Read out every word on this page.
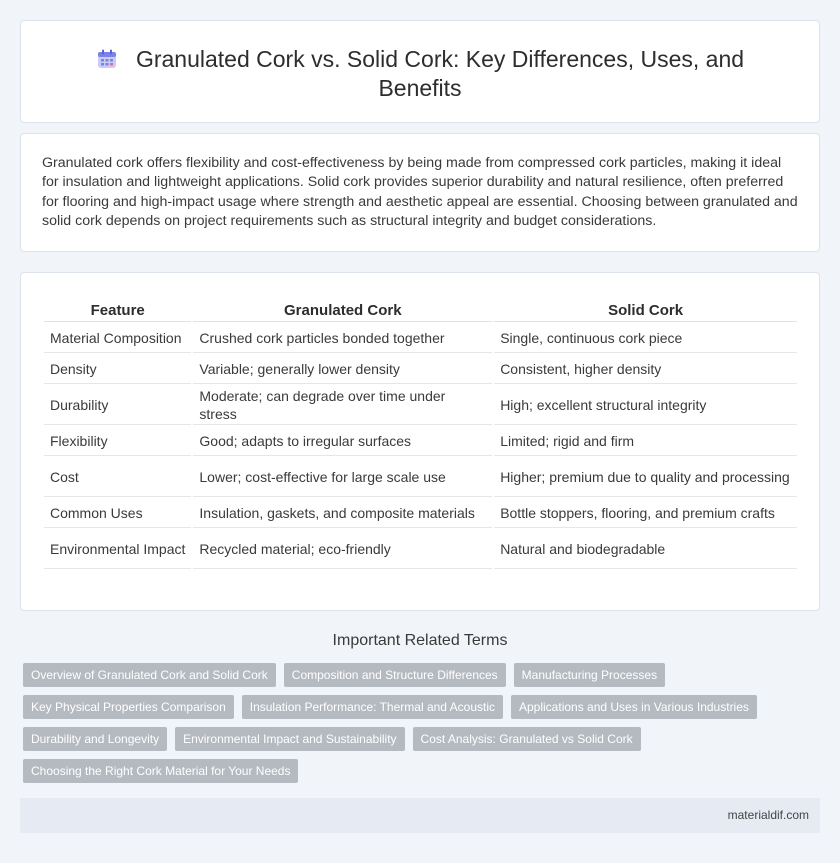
Granulated Cork vs. Solid Cork: Key Differences, Uses, and Benefits

Granulated cork offers flexibility and cost-effectiveness by being made from compressed cork particles, making it ideal for insulation and lightweight applications. Solid cork provides superior durability and natural resilience, often preferred for flooring and high-impact usage where strength and aesthetic appeal are essential. Choosing between granulated and solid cork depends on project requirements such as structural integrity and budget considerations.

Feature	Granulated Cork	Solid Cork
Material Composition	Crushed cork particles bonded together	Single, continuous cork piece
Density	Variable; generally lower density	Consistent, higher density
Durability	Moderate; can degrade over time under stress	High; excellent structural integrity
Flexibility	Good; adapts to irregular surfaces	Limited; rigid and firm
Cost	Lower; cost-effective for large scale use	Higher; premium due to quality and processing
Common Uses	Insulation, gaskets, and composite materials	Bottle stoppers, flooring, and premium crafts
Environmental Impact	Recycled material; eco-friendly	Natural and biodegradable
Important Related Terms
Overview of Granulated Cork and Solid Cork	Composition and Structure Differences	Manufacturing Processes
Key Physical Properties Comparison	Insulation Performance: Thermal and Acoustic	Applications and Uses in Various Industries
Durability and Longevity	Environmental Impact and Sustainability	Cost Analysis: Granulated vs Solid Cork
Choosing the Right Cork Material for Your Needs
materialdif.com
